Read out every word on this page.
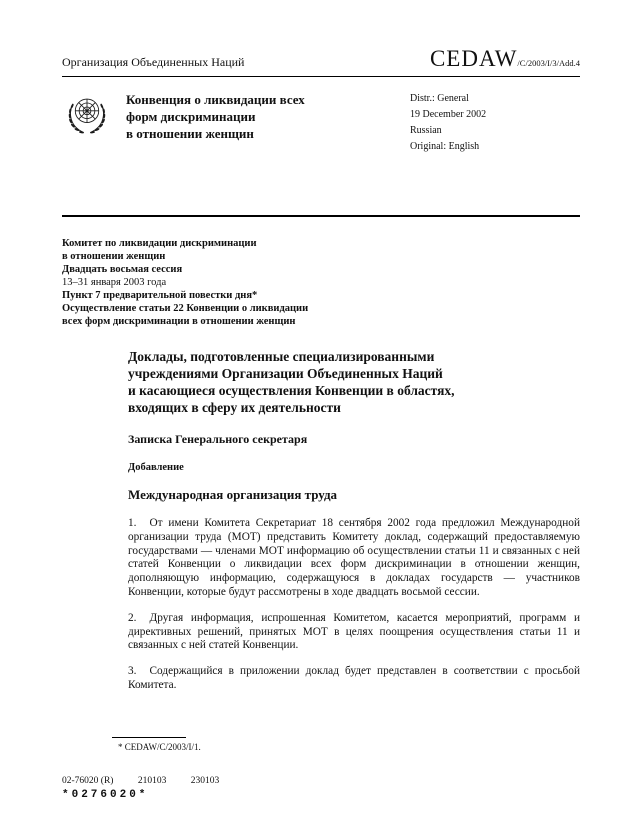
Организация Объединенных Наций	CEDAW/C/2003/I/3/Add.4
Конвенция о ликвидации всех
форм дискриминации
в отношении женщин
Distr.: General
19 December 2002
Russian
Original: English
Комитет по ликвидации дискриминации
в отношении женщин
Двадцать восьмая сессия
13–31 января 2003 года
Пункт 7 предварительной повестки дня*
Осуществление статьи 22 Конвенции о ликвидации
всех форм дискриминации в отношении женщин
Доклады, подготовленные специализированными
учреждениями Организации Объединенных Наций
и касающиеся осуществления Конвенции в областях,
входящих в сферу их деятельности
Записка Генерального секретаря
Добавление
Международная организация труда

1. От имени Комитета Секретариат 18 сентября 2002 года предложил Международной организации труда (МОТ) представить Комитету доклад, содержащий предоставляемую государствами — членами МОТ информацию об осуществлении статьи 11 и связанных с ней статей Конвенции о ликвидации всех форм дискриминации в отношении женщин, дополняющую информацию, содержащуюся в докладах государств — участников Конвенции, которые будут рассмотрены в ходе двадцать восьмой сессии.

2. Другая информация, испрошенная Комитетом, касается мероприятий, программ и директивных решений, принятых МОТ в целях поощрения осуществления статьи 11 и связанных с ней статей Конвенции.

3. Содержащийся в приложении доклад будет представлен в соответствии с просьбой Комитета.

* CEDAW/C/2003/I/1.
02-76020 (R)	210103	230103
*0276020*
